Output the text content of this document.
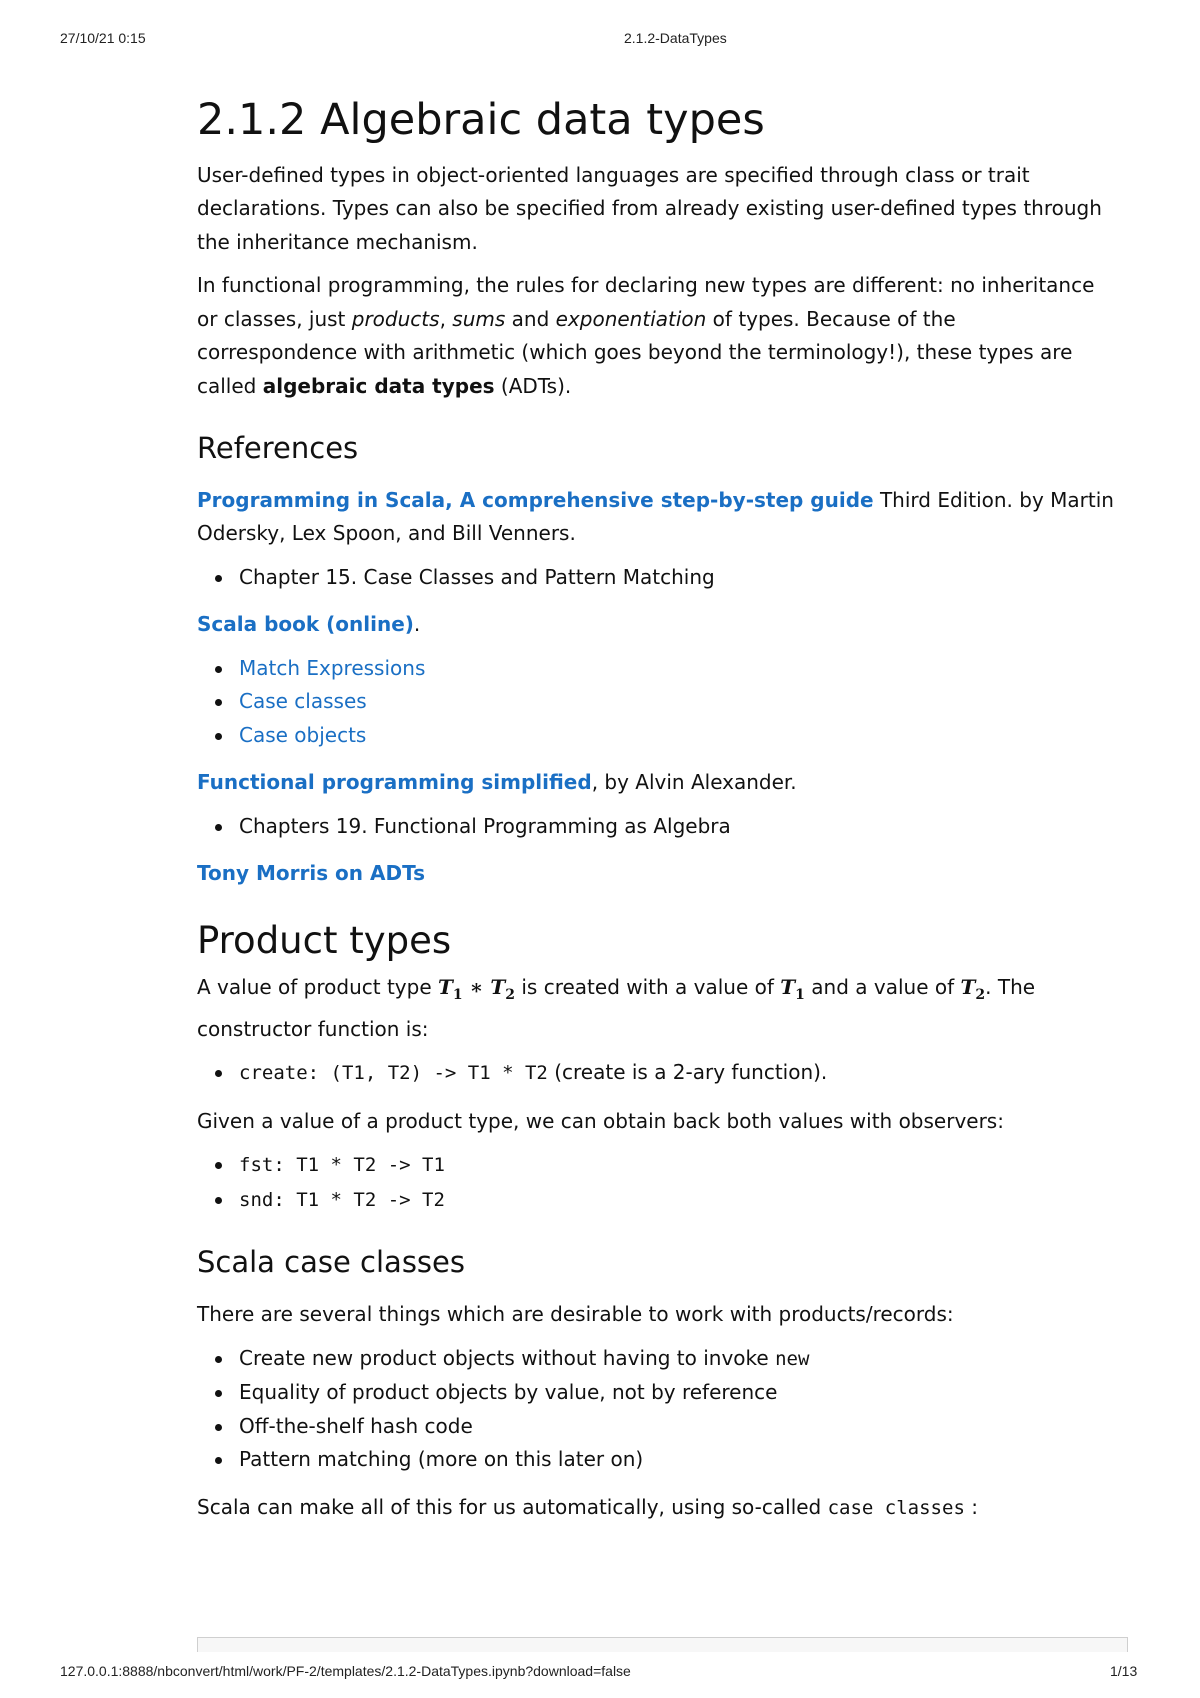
27/10/21 0:15	2.1.2-DataTypes
2.1.2 Algebraic data types

User-defined types in object-oriented languages are specified through class or trait declarations. Types can also be specified from already existing user-defined types through the inheritance mechanism.

In functional programming, the rules for declaring new types are different: no inheritance or classes, just products, sums and exponentiation of types. Because of the correspondence with arithmetic (which goes beyond the terminology!), these types are called algebraic data types (ADTs).

References

Programming in Scala, A comprehensive step-by-step guide Third Edition. by Martin Odersky, Lex Spoon, and Bill Venners.

Chapter 15. Case Classes and Pattern Matching

Scala book (online).

Match Expressions
Case classes
Case objects

Functional programming simplified, by Alvin Alexander.

Chapters 19. Functional Programming as Algebra

Tony Morris on ADTs

Product types

A value of product type $T_1$ ∗ $T_2$ is created with a value of $T_1$ and a value of $T_2$. The constructor function is:

create: (T1, T2) -> T1 * T2 (create is a 2-ary function).

Given a value of a product type, we can obtain back both values with observers:

fst: T1 * T2 -> T1
snd: T1 * T2 -> T2
Scala case classes

There are several things which are desirable to work with products/records:

Create new product objects without having to invoke new
Equality of product objects by value, not by reference
Off-the-shelf hash code
Pattern matching (more on this later on)

Scala can make all of this for us automatically, using so-called case classes :

127.0.0.1:8888/nbconvert/html/work/PF-2/templates/2.1.2-DataTypes.ipynb?download=false	1/13
